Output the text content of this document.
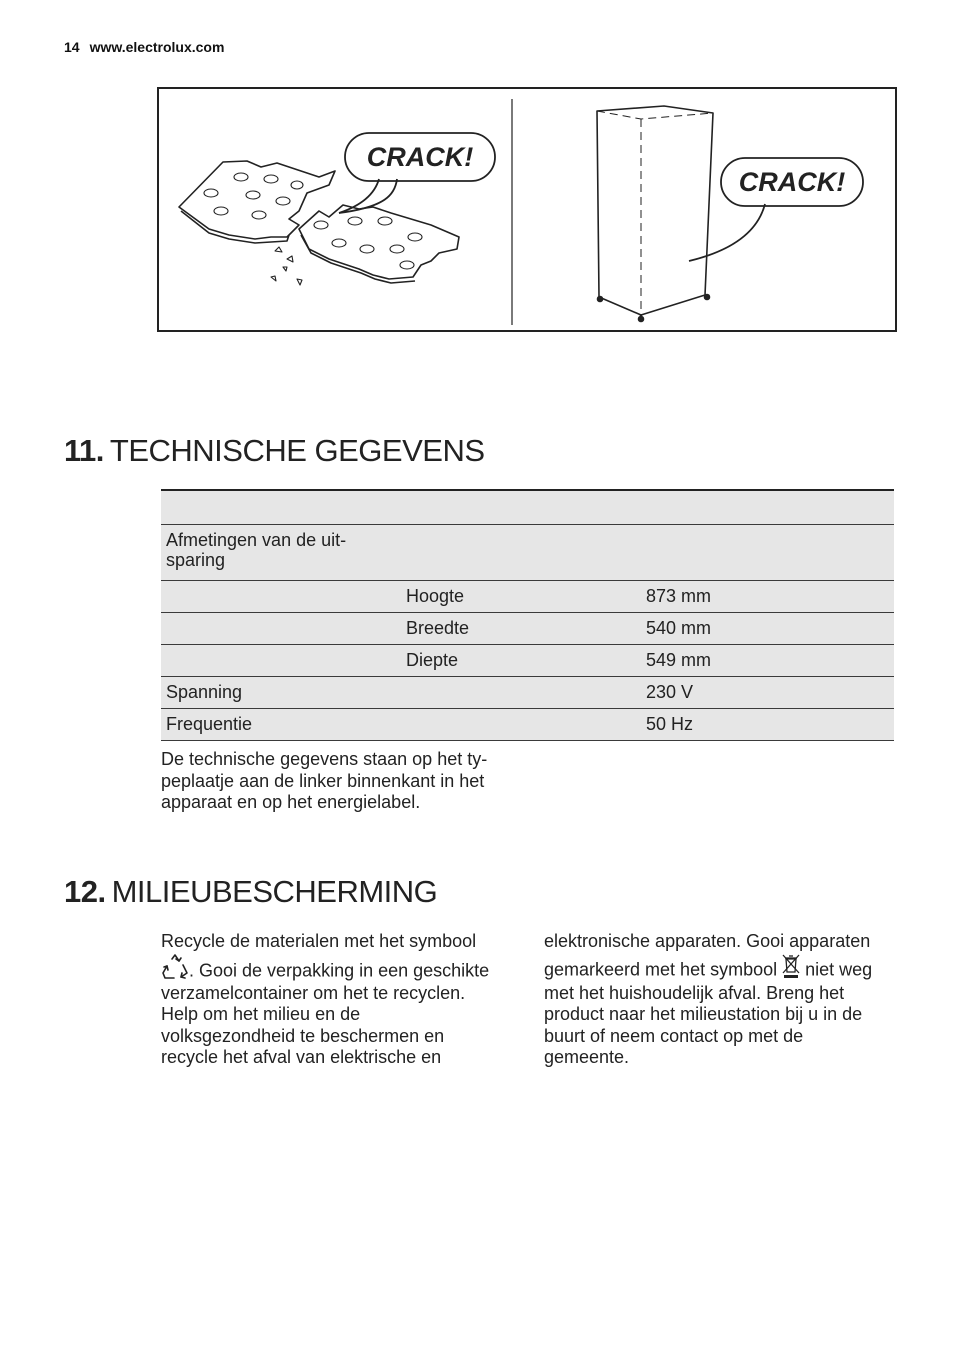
14 www.electrolux.com
CRACK!
CRACK!
11. TECHNISCHE GEGEVENS

Afmetingen van de uit-
sparing		
	Hoogte	873 mm
	Breedte	540 mm
	Diepte	549 mm
Spanning		230 V
Frequentie		50 Hz
De technische gegevens staan op het ty-
peplaatje aan de linker binnenkant in het
apparaat en op het energielabel.
12. MILIEUBESCHERMING
Recycle de materialen met het symbool
. Gooi de verpakking in een geschikte
verzamelcontainer om het te recyclen.
Help om het milieu en de
volksgezondheid te beschermen en
recycle het afval van elektrische en
elektronische apparaten. Gooi apparaten
gemarkeerd met het symbool niet weg
met het huishoudelijk afval. Breng het
product naar het milieustation bij u in de
buurt of neem contact op met de
gemeente.
